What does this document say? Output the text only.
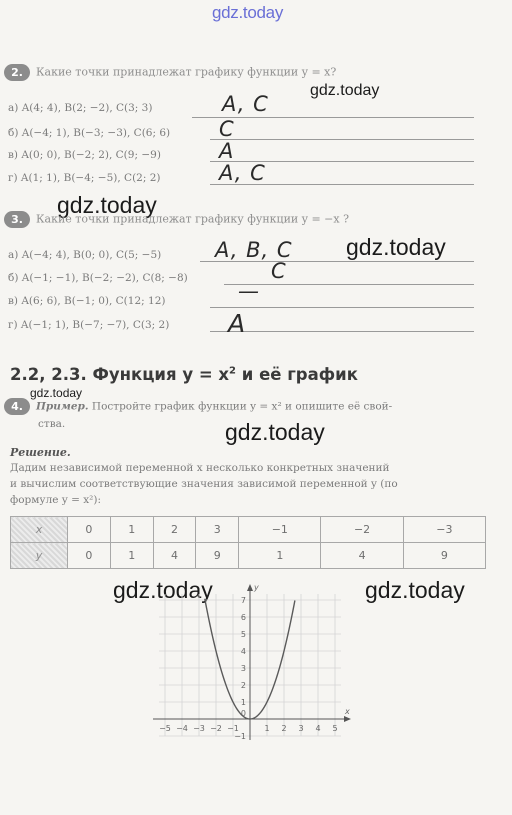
gdz.today
gdz.today
gdz.today
gdz.today
gdz.today
gdz.today
gdz.today	gdz.today
2. Какие точки принадлежат графику функции y = x?
а) A(4; 4), B(2; −2), C(3; 3)	A, C
б) A(−4; 1), B(−3; −3), C(6; 6) C
в) A(0; 0), B(−2; 2), C(9; −9)	A
г) A(1; 1), B(−4; −5), C(2; 2)	A, C
3. Какие точки принадлежат графику функции y = −x ?
а) A(−4; 4), B(0; 0), C(5; −5)	A, B, C
б) A(−1; −1), B(−2; −2), C(8; −8)	C
в) A(6; 6), B(−1; 0), C(12; 12)	—
г) A(−1; 1), B(−7; −7), C(3; 2) A
2.2, 2.3. Функция $y = x^2$ и её график
4. Пример. Постройте график функции y = x² и опишите её свой-
ства.
Решение.
Дадим независимой переменной x несколько конкретных значений
и вычислим соответствующие значения зависимой переменной y (по
формуле y = x²):
x	0	1	2	3	−1	−2	−3
y	0	1	4	9	1	4	9
x
y
−5 −4 −3 −2 −1	1 2 3 4 5
1
2
3
4
5
6
7
0
−1
